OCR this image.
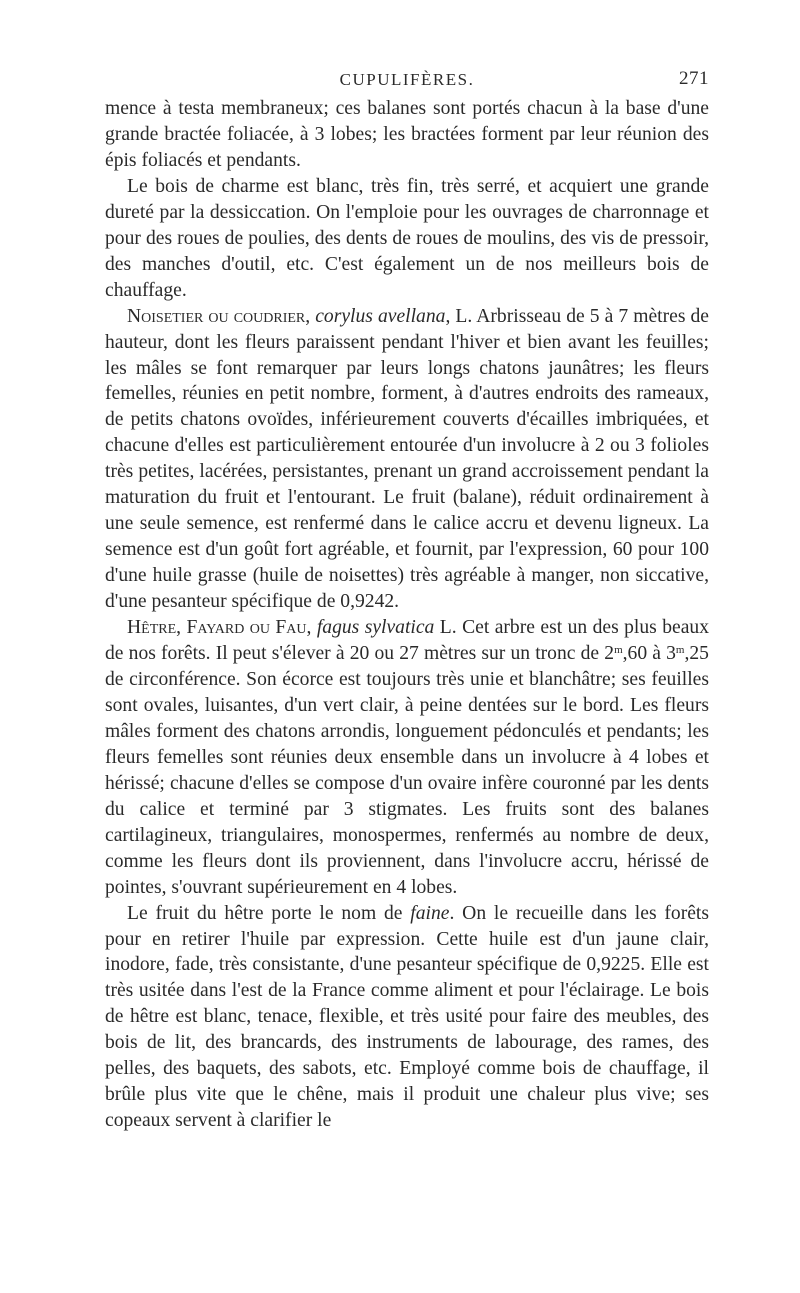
CUPULIFÈRES.	271

mence à testa membraneux; ces balanes sont portés chacun à la base d'une grande bractée foliacée, à 3 lobes; les bractées forment par leur réunion des épis foliacés et pendants.

Le bois de charme est blanc, très fin, très serré, et acquiert une grande dureté par la dessiccation. On l'emploie pour les ouvrages de charronnage et pour des roues de poulies, des dents de roues de moulins, des vis de pressoir, des manches d'outil, etc. C'est également un de nos meilleurs bois de chauffage.

Noisetier ou coudrier, corylus avellana, L. Arbrisseau de 5 à 7 mètres de hauteur, dont les fleurs paraissent pendant l'hiver et bien avant les feuilles; les mâles se font remarquer par leurs longs chatons jaunâtres; les fleurs femelles, réunies en petit nombre, forment, à d'autres endroits des rameaux, de petits chatons ovoïdes, inférieurement couverts d'écailles imbriquées, et chacune d'elles est particulièrement entourée d'un involucre à 2 ou 3 folioles très petites, lacérées, persistantes, prenant un grand accroissement pendant la maturation du fruit et l'entourant. Le fruit (balane), réduit ordinairement à une seule semence, est renfermé dans le calice accru et devenu ligneux. La semence est d'un goût fort agréable, et fournit, par l'expression, 60 pour 100 d'une huile grasse (huile de noisettes) très agréable à manger, non siccative, d'une pesanteur spécifique de 0,9242.

Hêtre, Fayard ou Fau, fagus sylvatica L. Cet arbre est un des plus beaux de nos forêts. Il peut s'élever à 20 ou 27 mètres sur un tronc de 2$^m$,60 à 3$^m$,25 de circonférence. Son écorce est toujours très unie et blanchâtre; ses feuilles sont ovales, luisantes, d'un vert clair, à peine dentées sur le bord. Les fleurs mâles forment des chatons arrondis, longuement pédonculés et pendants; les fleurs femelles sont réunies deux ensemble dans un involucre à 4 lobes et hérissé; chacune d'elles se compose d'un ovaire infère couronné par les dents du calice et terminé par 3 stigmates. Les fruits sont des balanes cartilagineux, triangulaires, monospermes, renfermés au nombre de deux, comme les fleurs dont ils proviennent, dans l'involucre accru, hérissé de pointes, s'ouvrant supérieurement en 4 lobes.

Le fruit du hêtre porte le nom de faine. On le recueille dans les forêts pour en retirer l'huile par expression. Cette huile est d'un jaune clair, inodore, fade, très consistante, d'une pesanteur spécifique de 0,9225. Elle est très usitée dans l'est de la France comme aliment et pour l'éclairage. Le bois de hêtre est blanc, tenace, flexible, et très usité pour faire des meubles, des bois de lit, des brancards, des instruments de labourage, des rames, des pelles, des baquets, des sabots, etc. Employé comme bois de chauffage, il brûle plus vite que le chêne, mais il produit une chaleur plus vive; ses copeaux servent à clarifier le
